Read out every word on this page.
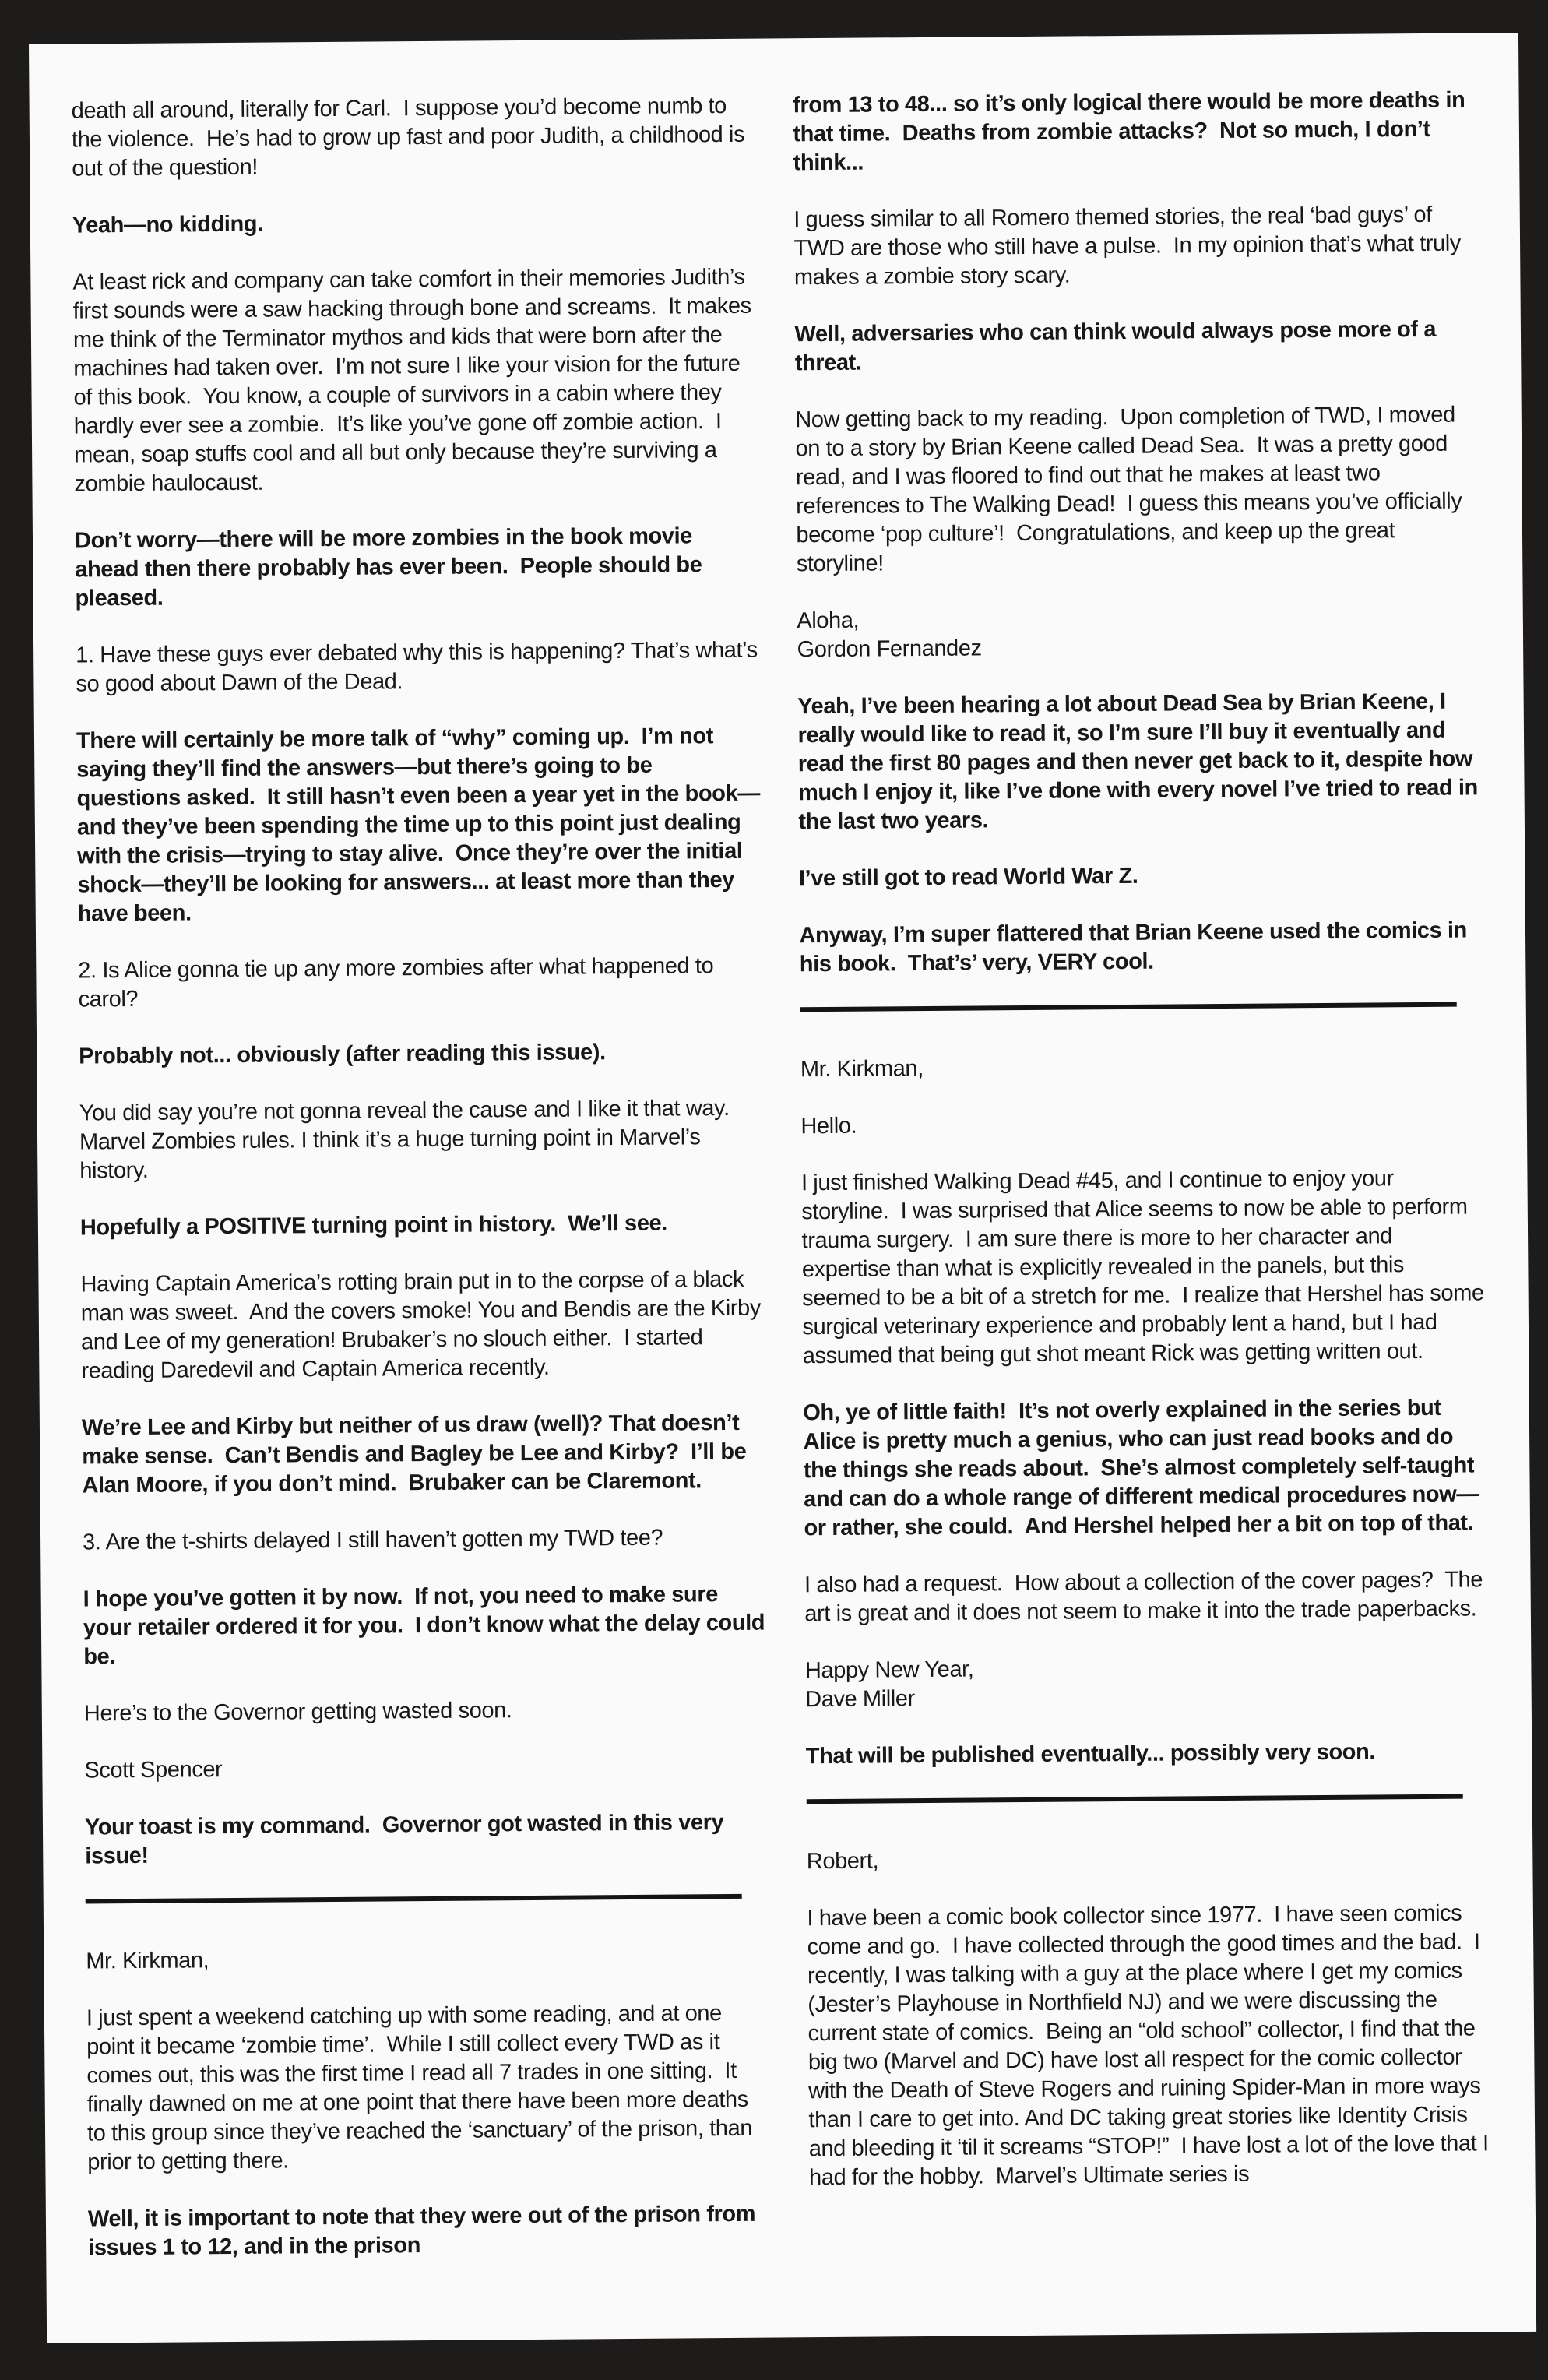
death all around, literally for Carl.  I suppose you’d become numb to the violence.  He’s had to grow up fast and poor Judith, a childhood is out of the question!

Yeah—no kidding.

At least rick and company can take comfort in their memories Judith’s first sounds were a saw hacking through bone and screams.  It makes me think of the Terminator mythos and kids that were born after the machines had taken over.  I’m not sure I like your vision for the future of this book.  You know, a couple of survivors in a cabin where they hardly ever see a zombie.  It’s like you’ve gone off zombie action.  I mean, soap stuffs cool and all but only because they’re surviving a zombie haulocaust.

Don’t worry—there will be more zombies in the book movie ahead then there probably has ever been.  People should be pleased.

1. Have these guys ever debated why this is happening? That’s what’s so good about Dawn of the Dead.

There will certainly be more talk of “why” coming up.  I’m not saying they’ll find the answers—but there’s going to be questions asked.  It still hasn’t even been a year yet in the book—and they’ve been spending the time up to this point just dealing with the crisis—trying to stay alive.  Once they’re over the initial shock—they’ll be looking for answers... at least more than they have been.

2. Is Alice gonna tie up any more zombies after what happened to carol?

Probably not... obviously (after reading this issue).

You did say you’re not gonna reveal the cause and I like it that way.  Marvel Zombies rules. I think it’s a huge turning point in Marvel’s history.

Hopefully a POSITIVE turning point in history.  We’ll see.

Having Captain America’s rotting brain put in to the corpse of a black man was sweet.  And the covers smoke! You and Bendis are the Kirby and Lee of my generation! Brubaker’s no slouch either.  I started reading Daredevil and Captain America recently.

We’re Lee and Kirby but neither of us draw (well)? That doesn’t make sense.  Can’t Bendis and Bagley be Lee and Kirby?  I’ll be Alan Moore, if you don’t mind.  Brubaker can be Claremont.

3. Are the t-shirts delayed I still haven’t gotten my TWD tee?

I hope you’ve gotten it by now.  If not, you need to make sure your retailer ordered it for you.  I don’t know what the delay could be.

Here’s to the Governor getting wasted soon.

Scott Spencer

Your toast is my command.  Governor got wasted in this very issue!

Mr. Kirkman,

I just spent a weekend catching up with some reading, and at one point it became ‘zombie time’.  While I still collect every TWD as it comes out, this was the first time I read all 7 trades in one sitting.  It finally dawned on me at one point that there have been more deaths to this group since they’ve reached the ‘sanctuary’ of the prison, than prior to getting there.

Well, it is important to note that they were out of the prison from issues 1 to 12, and in the prison

from 13 to 48... so it’s only logical there would be more deaths in that time.  Deaths from zombie attacks?  Not so much, I don’t think...

I guess similar to all Romero themed stories, the real ‘bad guys’ of TWD are those who still have a pulse.  In my opinion that’s what truly makes a zombie story scary.

Well, adversaries who can think would always pose more of a threat.

Now getting back to my reading.  Upon completion of TWD, I moved on to a story by Brian Keene called Dead Sea.  It was a pretty good read, and I was floored to find out that he makes at least two references to The Walking Dead!  I guess this means you’ve officially become ‘pop culture’!  Congratulations, and keep up the great storyline!

Aloha,
Gordon Fernandez

Yeah, I’ve been hearing a lot about Dead Sea by Brian Keene, I really would like to read it, so I’m sure I’ll buy it eventually and read the first 80 pages and then never get back to it, despite how much I enjoy it, like I’ve done with every novel I’ve tried to read in the last two years.

I’ve still got to read World War Z.

Anyway, I’m super flattered that Brian Keene used the comics in his book.  That’s’ very, VERY cool.

Mr. Kirkman,

Hello.

I just finished Walking Dead #45, and I continue to enjoy your storyline.  I was surprised that Alice seems to now be able to perform trauma surgery.  I am sure there is more to her character and expertise than what is explicitly revealed in the panels, but this seemed to be a bit of a stretch for me.  I realize that Hershel has some surgical veterinary experience and probably lent a hand, but I had assumed that being gut shot meant Rick was getting written out.

Oh, ye of little faith!  It’s not overly explained in the series but Alice is pretty much a genius, who can just read books and do the things she reads about.  She’s almost completely self-taught and can do a whole range of different medical procedures now—or rather, she could.  And Hershel helped her a bit on top of that.

I also had a request.  How about a collection of the cover pages?  The art is great and it does not seem to make it into the trade paperbacks.

Happy New Year,
Dave Miller

That will be published eventually... possibly very soon.

Robert,

I have been a comic book collector since 1977.  I have seen comics come and go.  I have collected through the good times and the bad.  I recently, I was talking with a guy at the place where I get my comics (Jester’s Playhouse in Northfield NJ) and we were discussing the current state of comics.  Being an “old school” collector, I find that the big two (Marvel and DC) have lost all respect for the comic collector with the Death of Steve Rogers and ruining Spider-Man in more ways than I care to get into. And DC taking great stories like Identity Crisis and bleeding it ‘til it screams “STOP!”  I have lost a lot of the love that I had for the hobby.  Marvel’s Ultimate series is
